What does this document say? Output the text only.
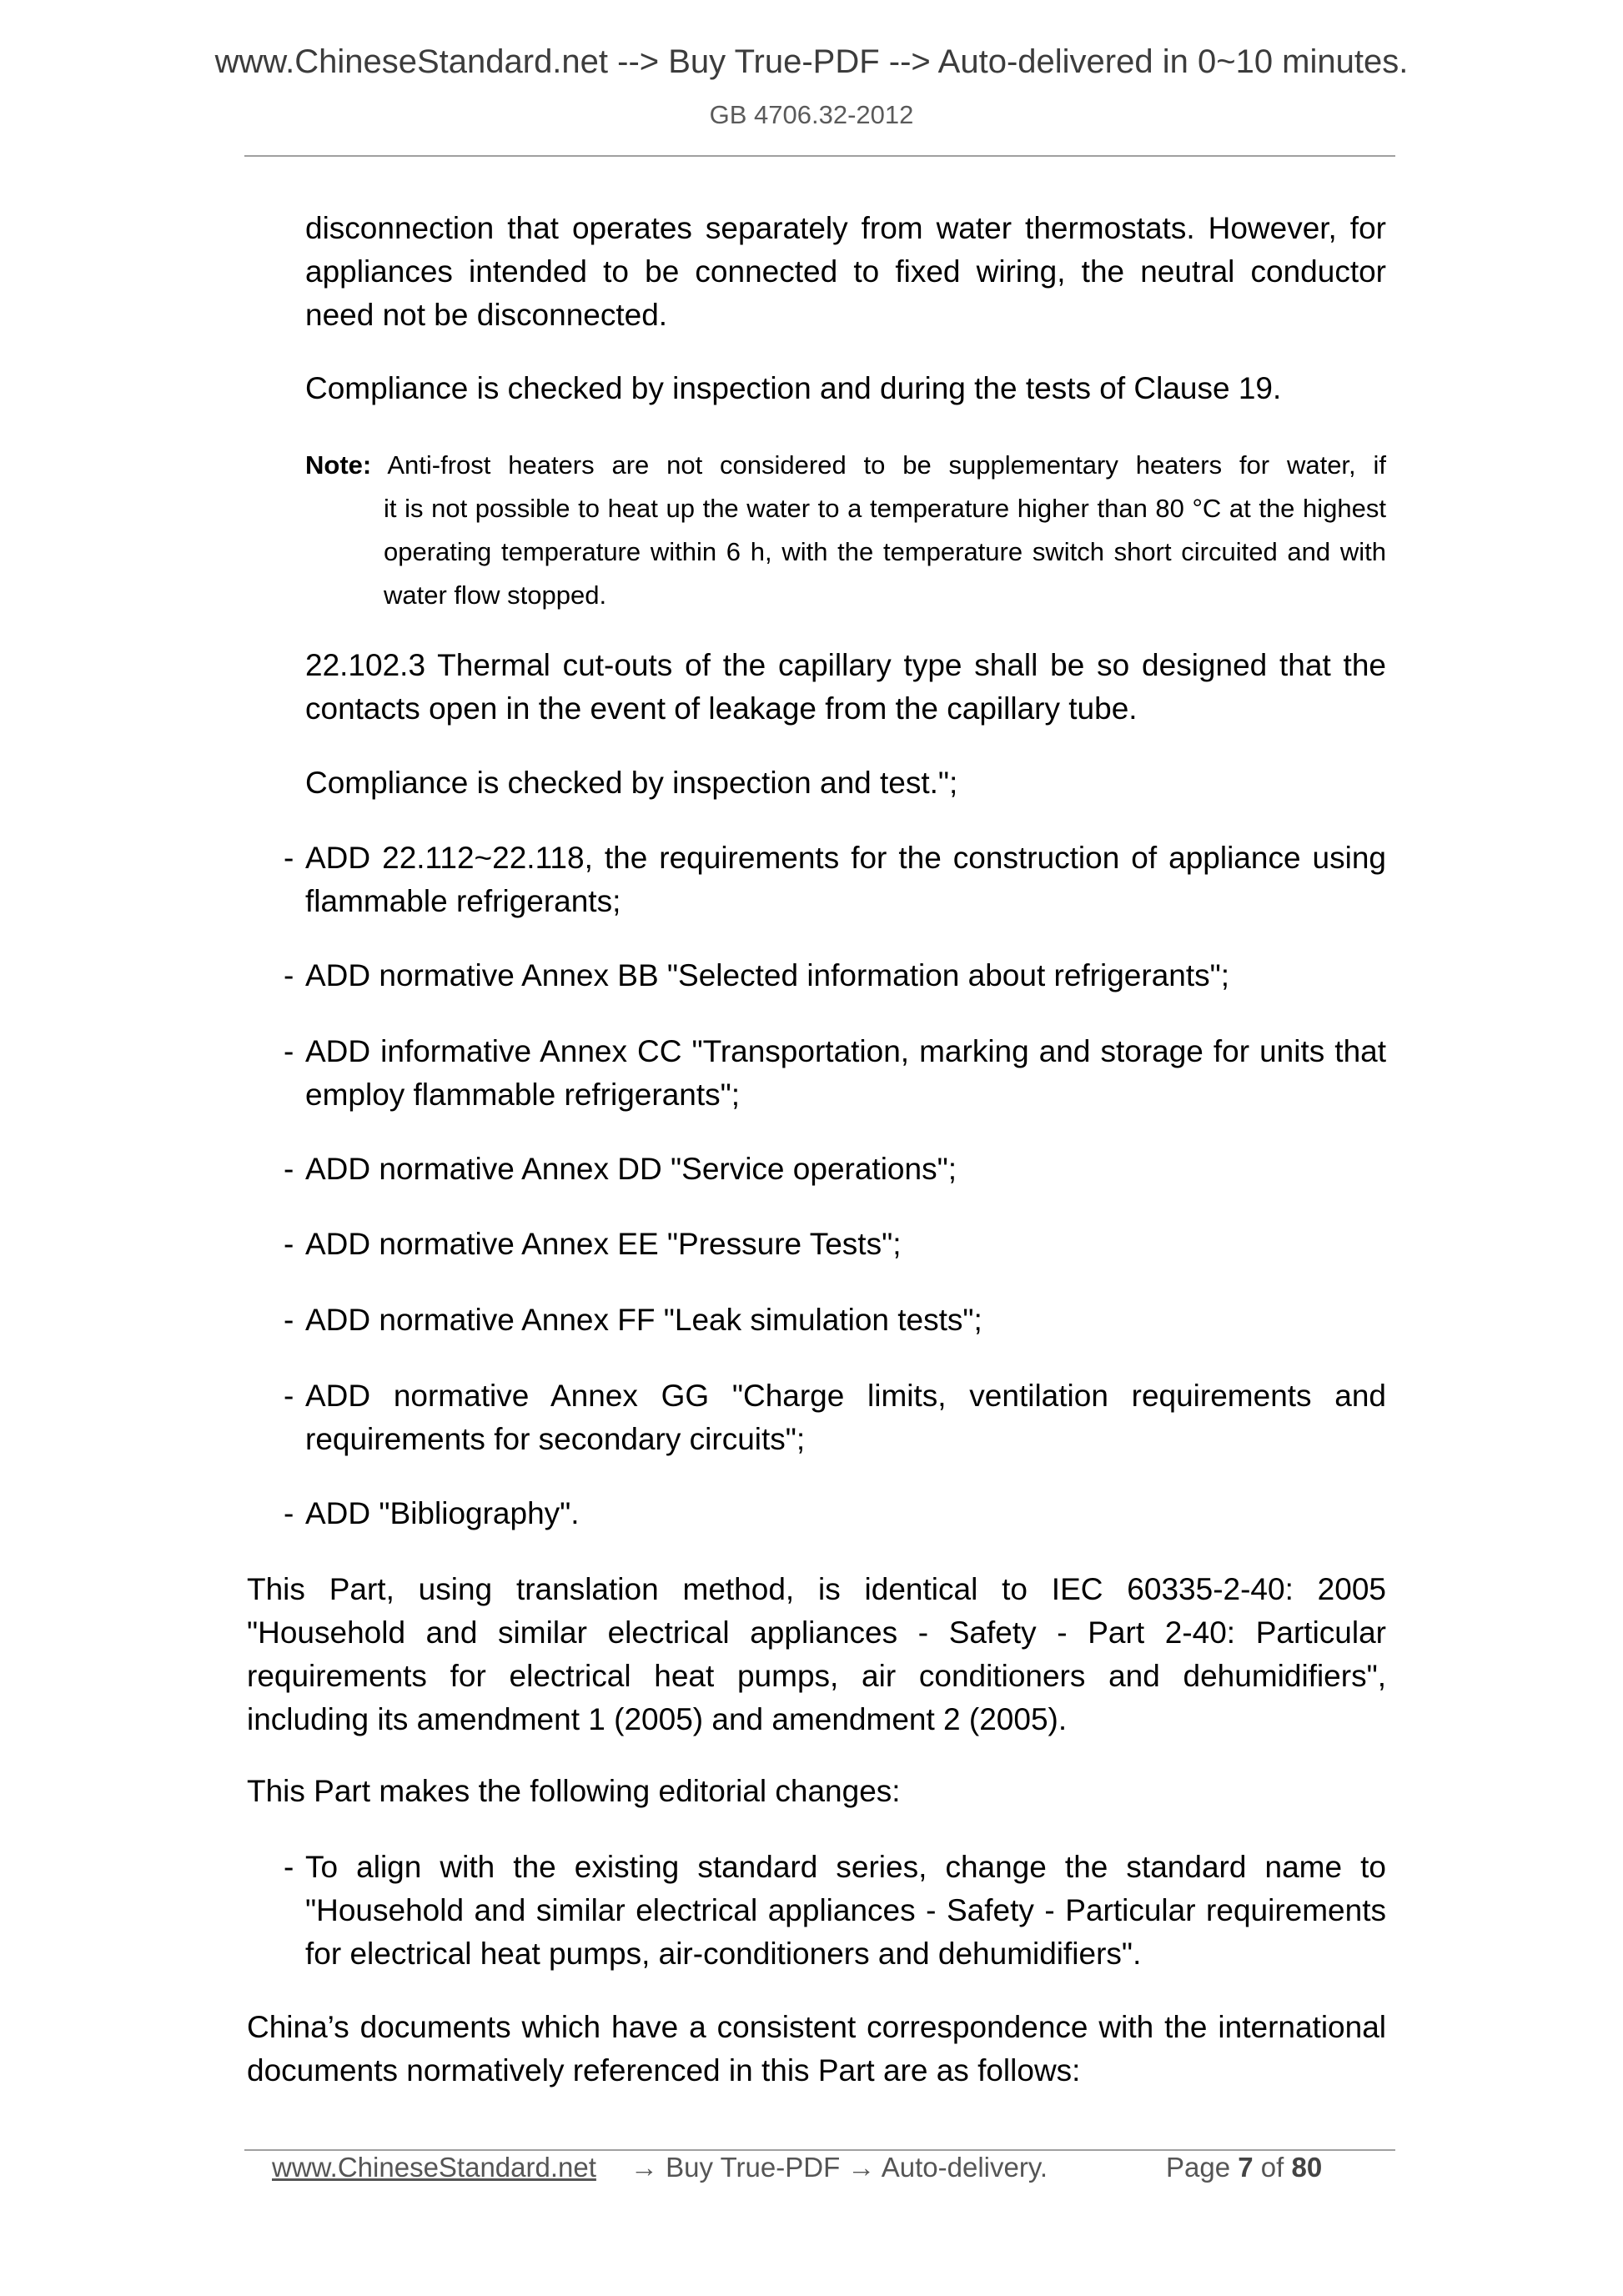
www.ChineseStandard.net --> Buy True-PDF --> Auto-delivered in 0~10 minutes.
GB 4706.32-2012

disconnection that operates separately from water thermostats. However, for appliances intended to be connected to fixed wiring, the neutral conductor need not be disconnected.

Compliance is checked by inspection and during the tests of Clause 19.

Note: Anti-frost heaters are not considered to be supplementary heaters for water, if
it is not possible to heat up the water to a temperature higher than 80 °C at the highest operating temperature within 6 h, with the temperature switch short circuited and with water flow stopped.

22.102.3 Thermal cut-outs of the capillary type shall be so designed that the contacts open in the event of leakage from the capillary tube.

Compliance is checked by inspection and test.";

- ADD 22.112~22.118, the requirements for the construction of appliance using flammable refrigerants;
- ADD normative Annex BB "Selected information about refrigerants";
- ADD informative Annex CC "Transportation, marking and storage for units that employ flammable refrigerants";
- ADD normative Annex DD "Service operations";
- ADD normative Annex EE "Pressure Tests";
- ADD normative Annex FF "Leak simulation tests";
- ADD normative Annex GG "Charge limits, ventilation requirements and requirements for secondary circuits";
- ADD "Bibliography".

This Part, using translation method, is identical to IEC 60335-2-40: 2005 "Household and similar electrical appliances - Safety - Part 2-40: Particular requirements for electrical heat pumps, air conditioners and dehumidifiers", including its amendment 1 (2005) and amendment 2 (2005).

This Part makes the following editorial changes:

- To align with the existing standard series, change the standard name to "Household and similar electrical appliances - Safety - Particular requirements for electrical heat pumps, air-conditioners and dehumidifiers".

China’s documents which have a consistent correspondence with the international documents normatively referenced in this Part are as follows:

www.ChineseStandard.net → Buy True-PDF → Auto-delivery.	Page 7 of 80
